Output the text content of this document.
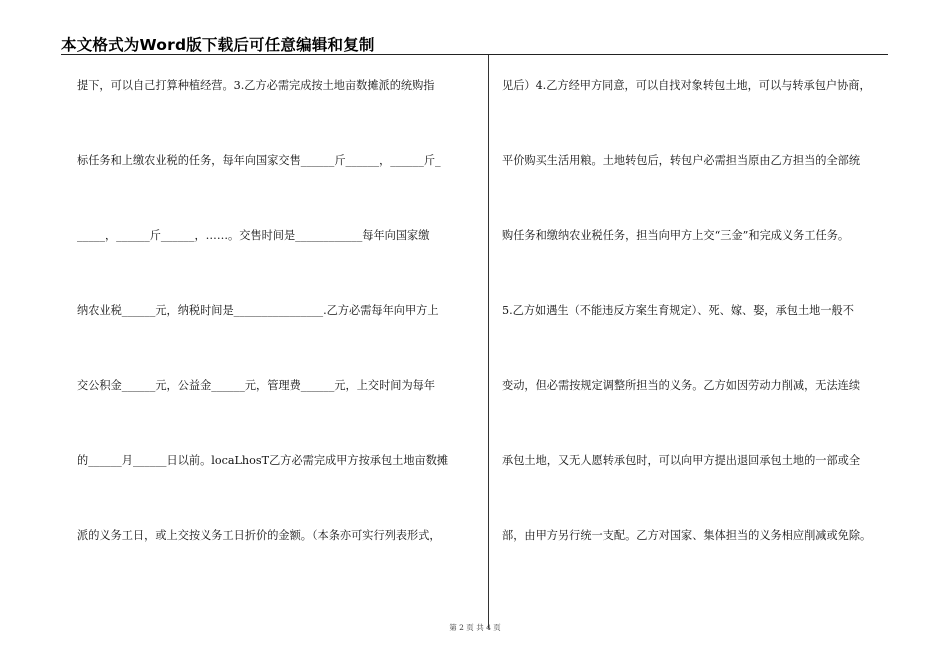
本文格式为Word版下载后可任意编辑和复制
提下，可以自己打算种植经营。3.乙方必需完成按土地亩数摊派的统购指
标任务和上缴农业税的任务，每年向国家交售______斤______，______斤_
_____，______斤______，……。交售时间是____________每年向国家缴
纳农业税______元，纳税时间是________________.乙方必需每年向甲方上
交公积金______元，公益金______元，管理费______元，上交时间为每年
的______月______日以前。locaLhosT乙方必需完成甲方按承包土地亩数摊
派的义务工日，或上交按义务工日折价的金额。（本条亦可实行列表形式，
见后）4.乙方经甲方同意，可以自找对象转包土地，可以与转承包户协商，
平价购买生活用粮。土地转包后，转包户必需担当原由乙方担当的全部统
购任务和缴纳农业税任务，担当向甲方上交“三金”和完成义务工任务。
5.乙方如遇生（不能违反方案生育规定）、死、嫁、娶，承包土地一般不
变动，但必需按规定调整所担当的义务。乙方如因劳动力削减，无法连续
承包土地，又无人愿转承包时，可以向甲方提出退回承包土地的一部或全
部，由甲方另行统一支配。乙方对国家、集体担当的义务相应削减或免除。
第 2 页 共 4 页
